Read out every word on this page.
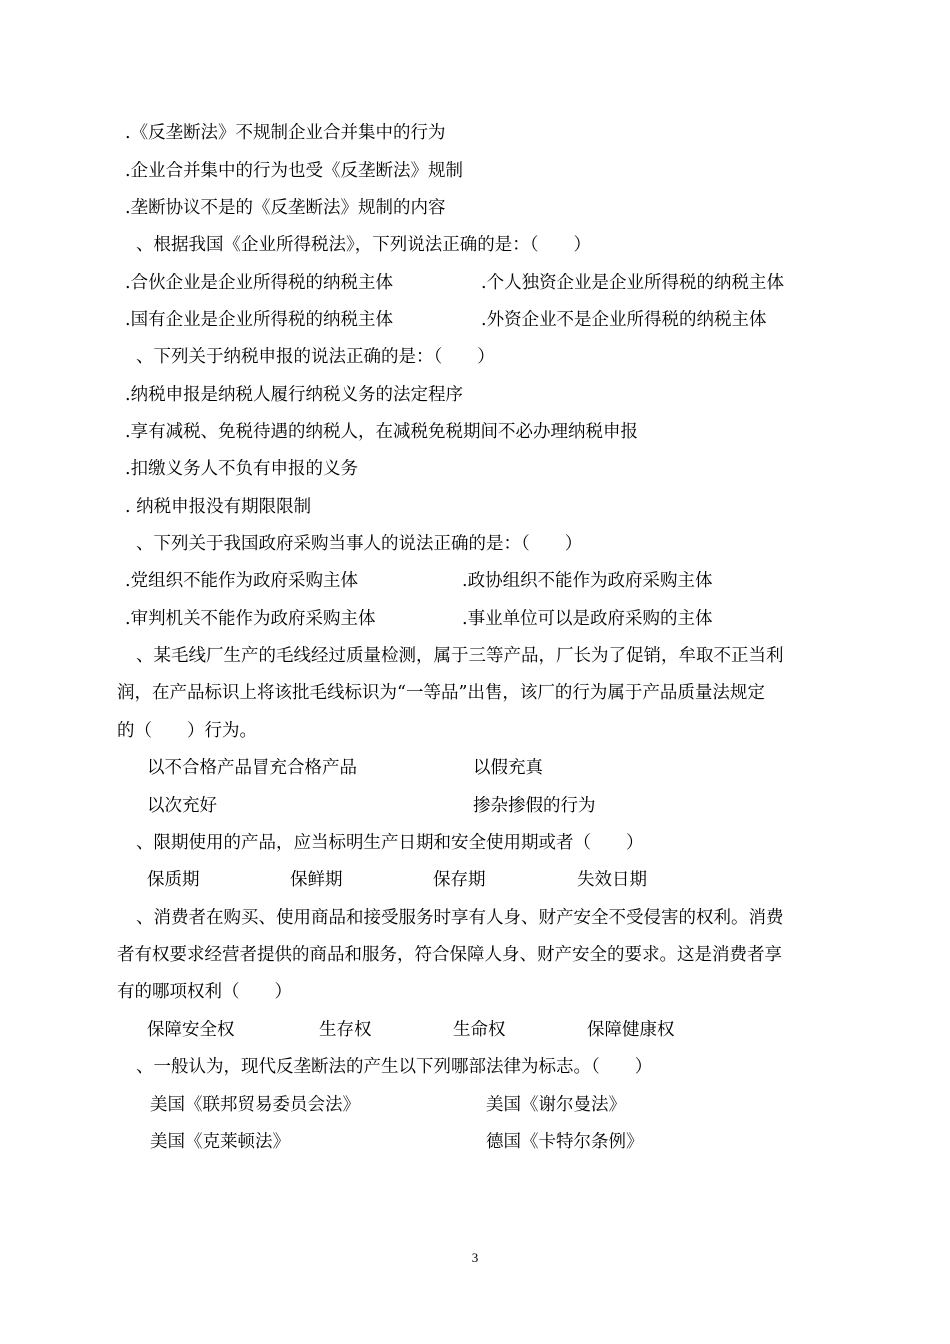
.《反垄断法》不规制企业合并集中的行为
.企业合并集中的行为也受《反垄断法》规制
.垄断协议不是的《反垄断法》规制的内容
、根据我国《企业所得税法》，下列说法正确的是：（　　）
.合伙企业是企业所得税的纳税主体	.个人独资企业是企业所得税的纳税主体
.国有企业是企业所得税的纳税主体	.外资企业不是企业所得税的纳税主体
、下列关于纳税申报的说法正确的是：（　　）
.纳税申报是纳税人履行纳税义务的法定程序
.享有减税、免税待遇的纳税人，在减税免税期间不必办理纳税申报
.扣缴义务人不负有申报的义务
. 纳税申报没有期限限制
、下列关于我国政府采购当事人的说法正确的是：（　　）
.党组织不能作为政府采购主体	.政协组织不能作为政府采购主体
.审判机关不能作为政府采购主体	.事业单位可以是政府采购的主体
、某毛线厂生产的毛线经过质量检测，属于三等产品，厂长为了促销，牟取不正当利
润，在产品标识上将该批毛线标识为“一等品”出售，该厂的行为属于产品质量法规定
的（　　）行为。
以不合格产品冒充合格产品	以假充真
以次充好	掺杂掺假的行为
、限期使用的产品，应当标明生产日期和安全使用期或者（　　）
保质期	保鲜期	保存期	失效日期
、消费者在购买、使用商品和接受服务时享有人身、财产安全不受侵害的权利。消费
者有权要求经营者提供的商品和服务，符合保障人身、财产安全的要求。这是消费者享
有的哪项权利（　　）
保障安全权	生存权	生命权	保障健康权
、一般认为，现代反垄断法的产生以下列哪部法律为标志。（　　）
美国《联邦贸易委员会法》	美国《谢尔曼法》
美国《克莱顿法》	德国《卡特尔条例》
3
